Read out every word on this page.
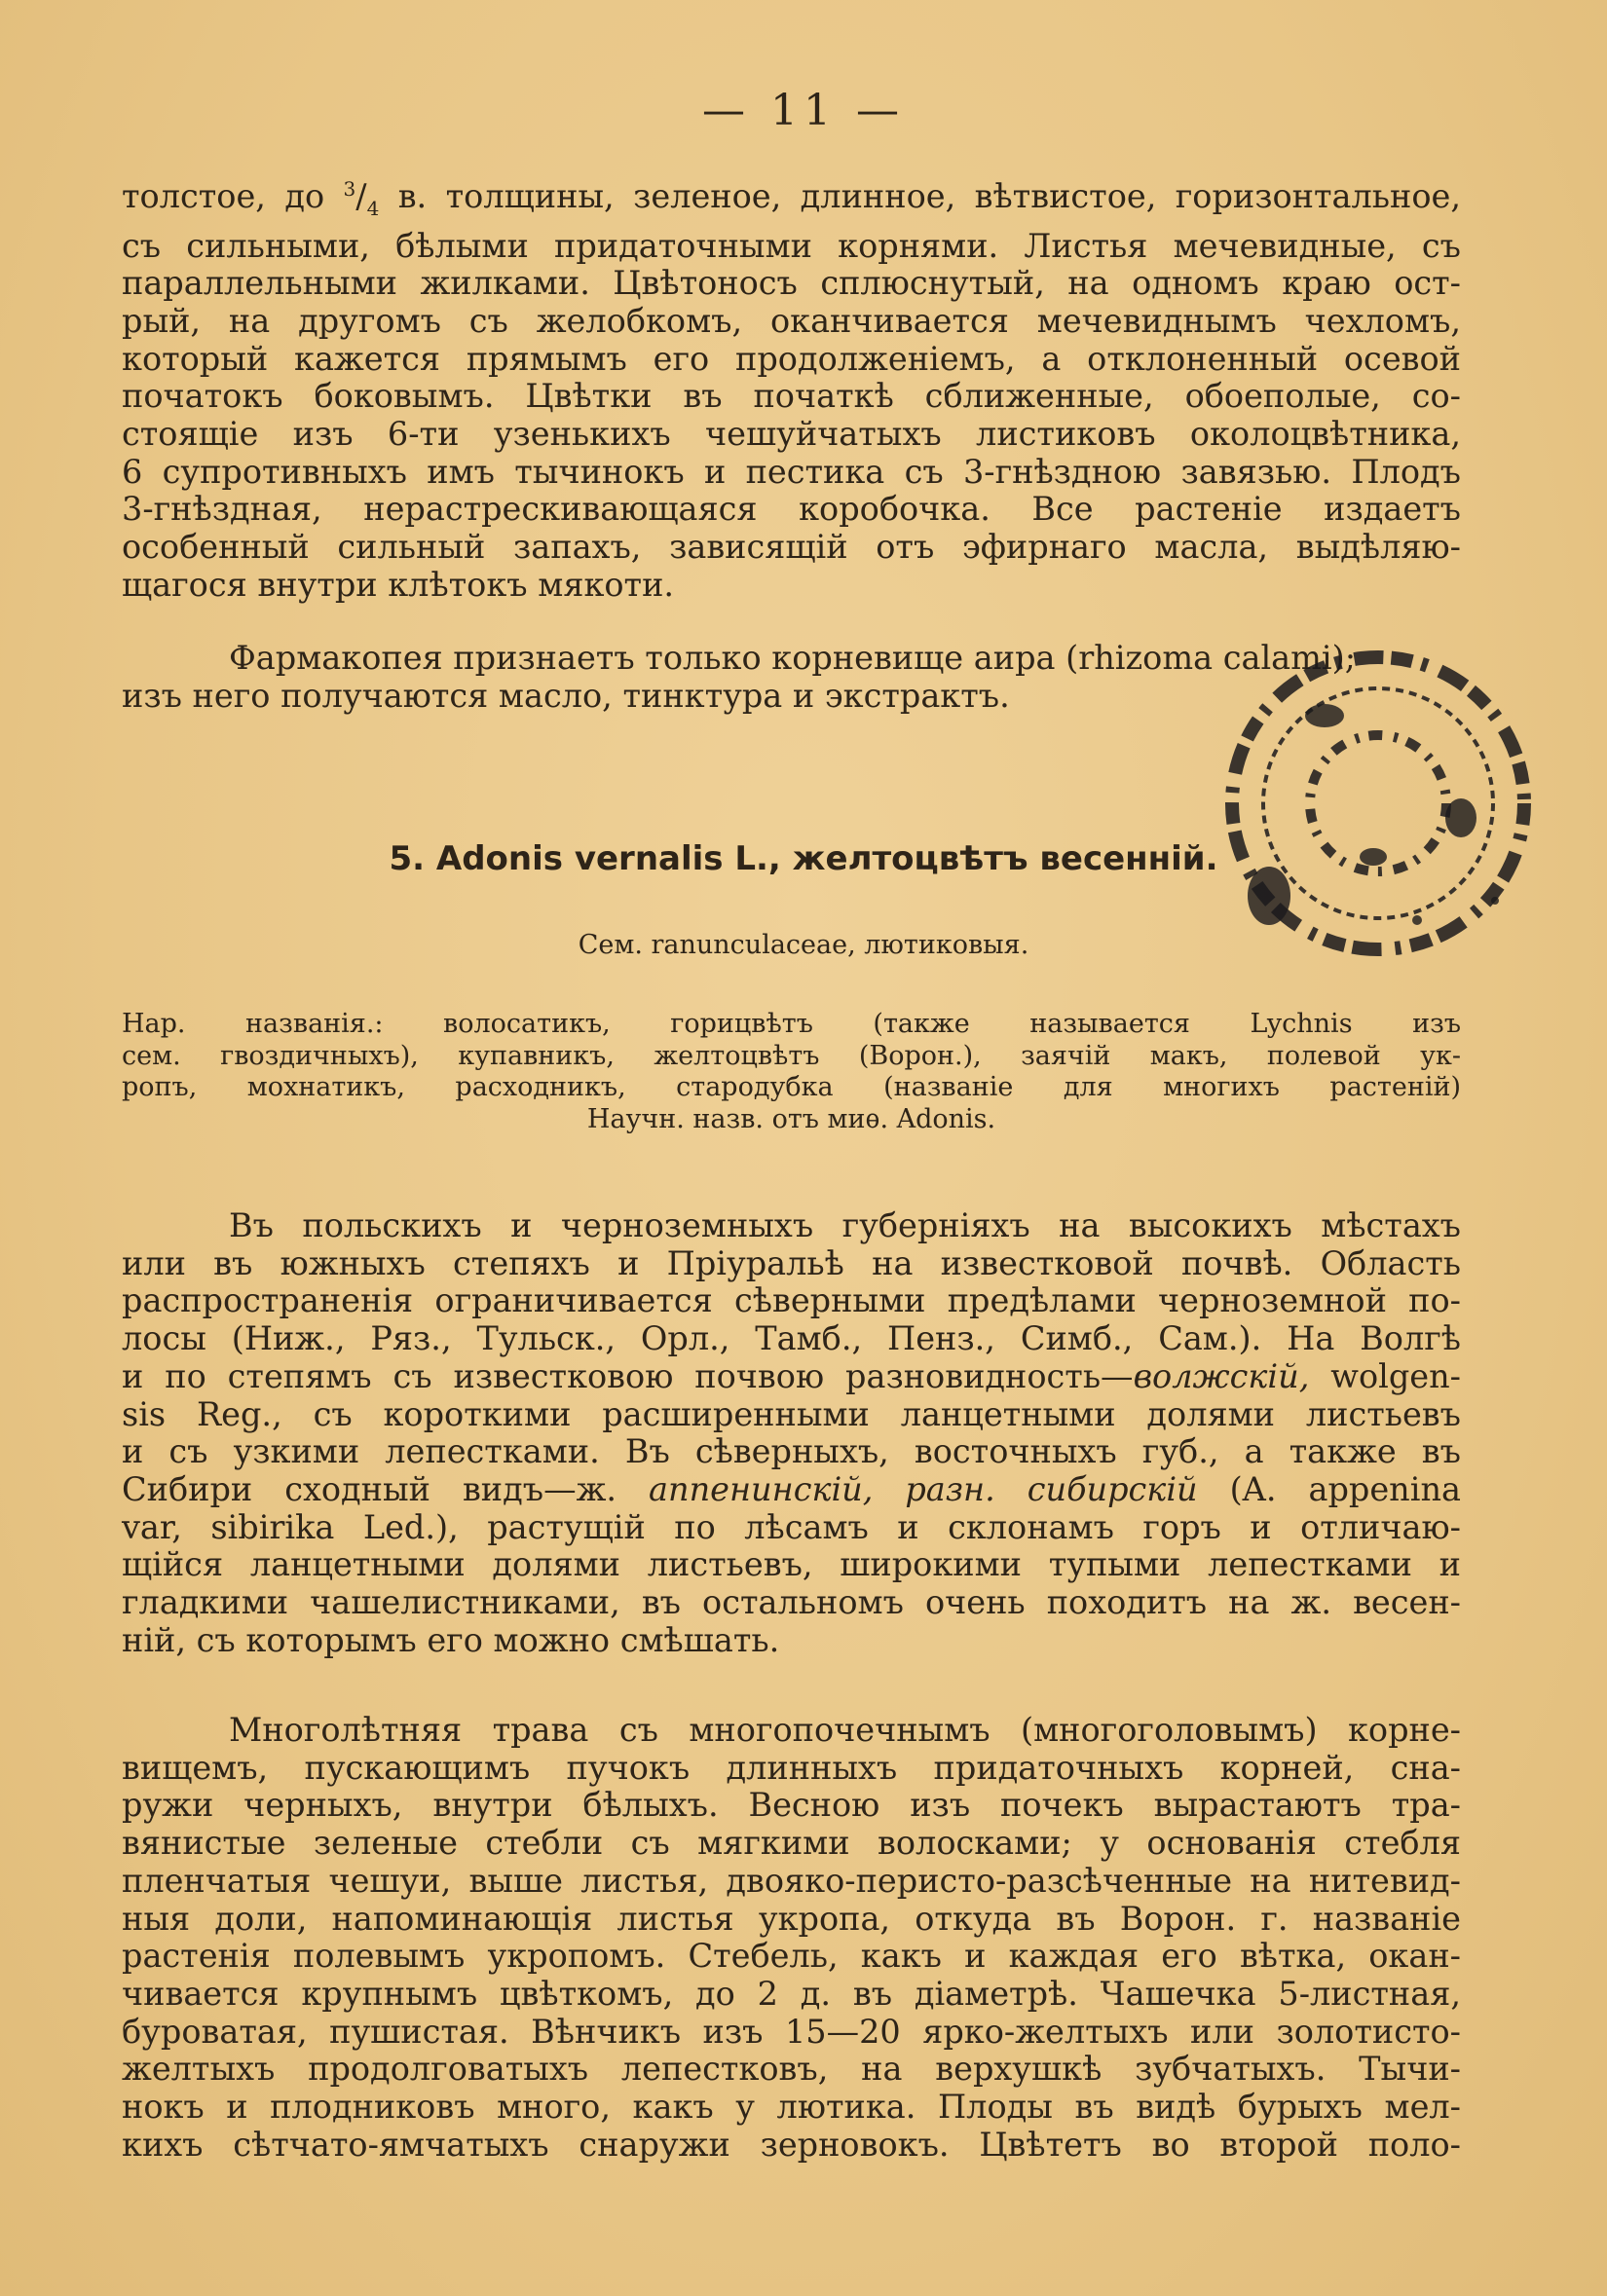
— 11 —
толстое, до $^3/_4$ в. толщины, зеленое, длинное, вѣтвистое, горизонтальное,
съ сильными, бѣлыми придаточными корнями. Листья мечевидные, съ
параллельными жилками. Цвѣтоносъ сплюснутый, на одномъ краю ост-
рый, на другомъ съ желобкомъ, оканчивается мечевиднымъ чехломъ,
который кажется прямымъ его продолженіемъ, а отклоненный осевой
початокъ боковымъ. Цвѣтки въ початкѣ сближенные, обоеполые, со-
стоящіе изъ 6-ти узенькихъ чешуйчатыхъ листиковъ околоцвѣтника,
6 супротивныхъ имъ тычинокъ и пестика съ 3-гнѣздною завязью. Плодъ
3-гнѣздная, нерастрескивающаяся коробочка. Все растеніе издаетъ
особенный сильный запахъ, зависящій отъ эфирнаго масла, выдѣляю-
щагося внутри клѣтокъ мякоти.
Фармакопея признаетъ только корневище аира (rhizoma calami);
изъ него получаются масло, тинктура и экстрактъ.
5. Adonis vernalis L., желтоцвѣтъ весенній.
Сем. ranunculaceae, лютиковыя.
Нар. названія.: волосатикъ, горицвѣтъ (также называется Lychnis изъ
сем. гвоздичныхъ), купавникъ, желтоцвѣтъ (Ворон.), заячій макъ, полевой ук-
ропъ, мохнатикъ, расходникъ, стародубка (названіе для многихъ растеній)
Научн. назв. отъ миѳ. Adonis.
Въ польскихъ и черноземныхъ губерніяхъ на высокихъ мѣстахъ
или въ южныхъ степяхъ и Пріуральѣ на известковой почвѣ. Область
распространенія ограничивается сѣверными предѣлами черноземной по-
лосы (Ниж., Ряз., Тульск., Орл., Тамб., Пенз., Симб., Сам.). На Волгѣ
и по степямъ съ известковою почвою разновидность—волжскій, wolgen-
sis Reg., съ короткими расширенными ланцетными долями листьевъ
и съ узкими лепестками. Въ сѣверныхъ, восточныхъ губ., а также въ
Сибири сходный видъ—ж. аппенинскій, разн. сибирскій (A. appenina
var, sibirika Led.), растущій по лѣсамъ и склонамъ горъ и отличаю-
щійся ланцетными долями листьевъ, широкими тупыми лепестками и
гладкими чашелистниками, въ остальномъ очень походитъ на ж. весен-
ній, съ которымъ его можно смѣшать.
Многолѣтняя трава съ многопочечнымъ (многоголовымъ) корне-
вищемъ, пускающимъ пучокъ длинныхъ придаточныхъ корней, сна-
ружи черныхъ, внутри бѣлыхъ. Весною изъ почекъ вырастаютъ тра-
вянистые зеленые стебли съ мягкими волосками; у основанія стебля
пленчатыя чешуи, выше листья, двояко-перисто-разсѣченные на нитевид-
ныя доли, напоминающія листья укропа, откуда въ Ворон. г. названіе
растенія полевымъ укропомъ. Стебель, какъ и каждая его вѣтка, окан-
чивается крупнымъ цвѣткомъ, до 2 д. въ діаметрѣ. Чашечка 5-листная,
буроватая, пушистая. Вѣнчикъ изъ 15—20 ярко-желтыхъ или золотисто-
желтыхъ продолговатыхъ лепестковъ, на верхушкѣ зубчатыхъ. Тычи-
нокъ и плодниковъ много, какъ у лютика. Плоды въ видѣ бурыхъ мел-
кихъ сѣтчато-ямчатыхъ снаружи зерновокъ. Цвѣтетъ во второй поло-
